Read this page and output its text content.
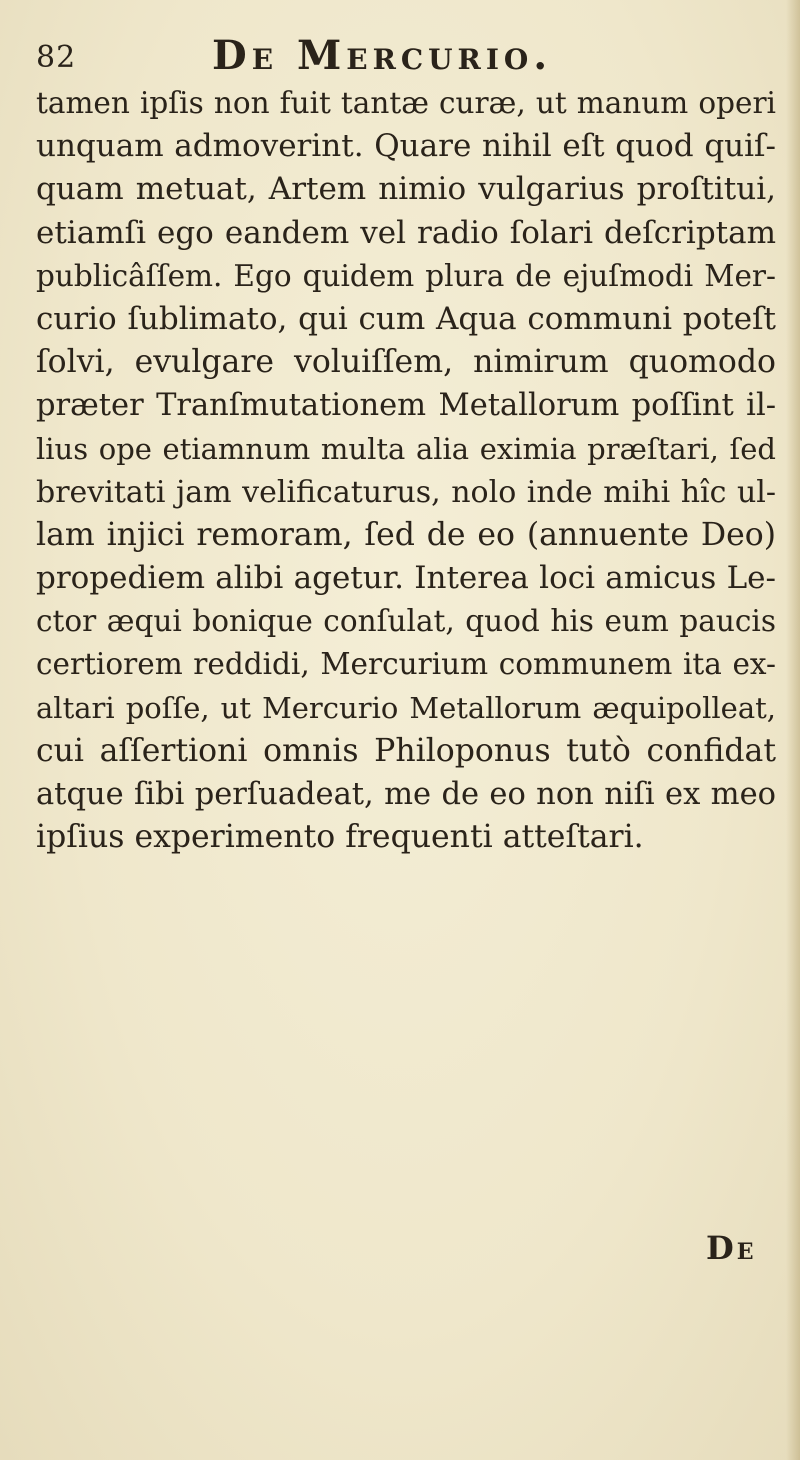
82	De Mercurio.
tamen ipſis non fuit tantæ curæ, ut manum operi
unquam admoverint. Quare nihil eſt quod quiſ-
quam metuat, Artem nimio vulgarius proſtitui,
etiamſi ego eandem vel radio ſolari deſcriptam
publicâſſem. Ego quidem plura de ejuſmodi Mer-
curio ſublimato, qui cum Aqua communi poteſt
ſolvi, evulgare voluiſſem, nimirum quomodo
præter Tranſmutationem Metallorum poſſint il-
lius ope etiamnum multa alia eximia præſtari, ſed
brevitati jam velificaturus, nolo inde mihi hîc ul-
lam injici remoram, ſed de eo (annuente Deo)
propediem alibi agetur. Interea loci amicus Le-
ctor æqui bonique conſulat, quod his eum paucis
certiorem reddidi, Mercurium communem ita ex-
altari poſſe, ut Mercurio Metallorum æquipolleat,
cui aſſertioni omnis Philoponus tutò confidat
atque ſibi perſuadeat, me de eo non niſi ex meo
ipſius experimento frequenti atteſtari.
De
